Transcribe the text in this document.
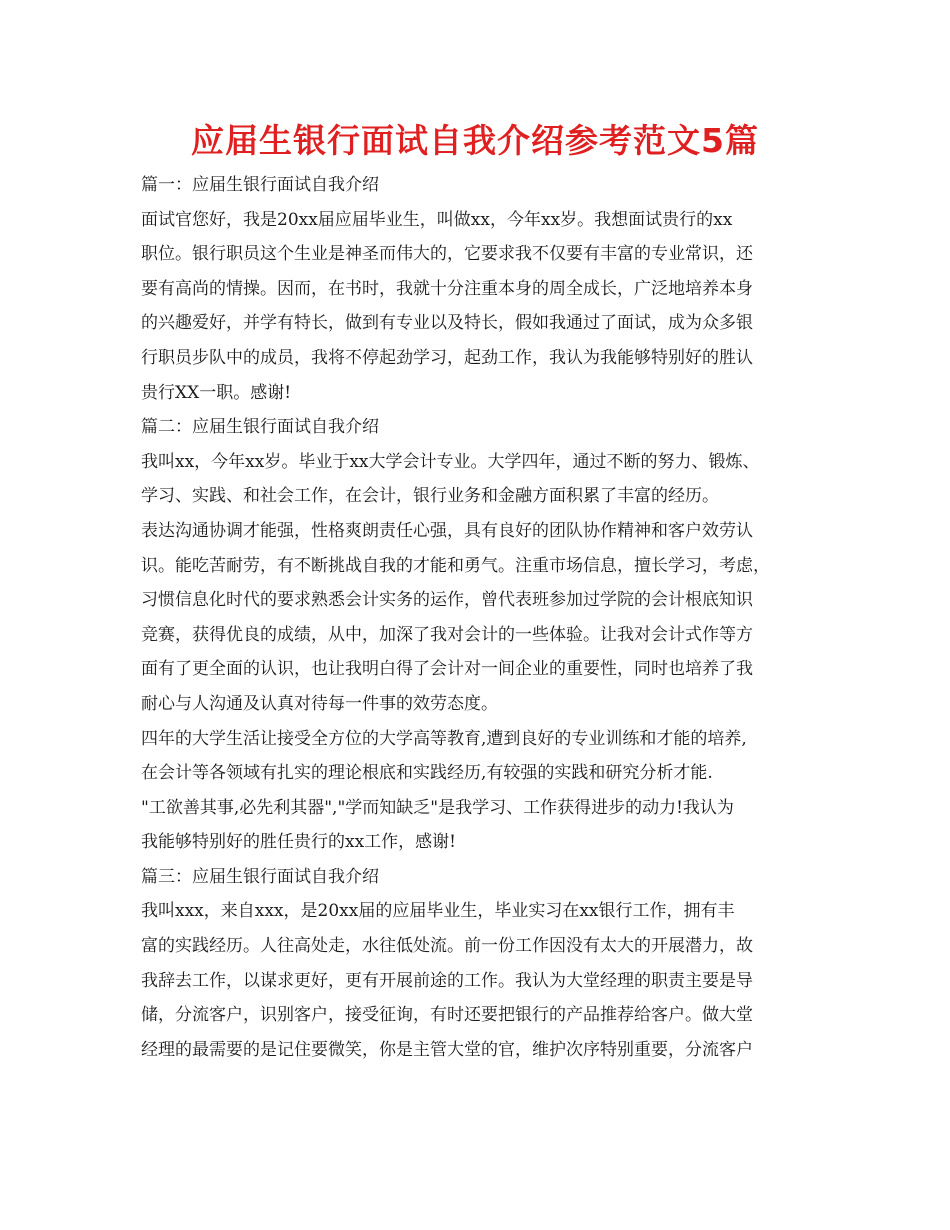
应届生银行面试自我介绍参考范文5篇
篇一：应届生银行面试自我介绍
面试官您好，我是20xx届应届毕业生，叫做xx，今年xx岁。我想面试贵行的xx
职位。银行职员这个生业是神圣而伟大的，它要求我不仅要有丰富的专业常识，还
要有高尚的情操。因而，在书时，我就十分注重本身的周全成长，广泛地培养本身
的兴趣爱好，并学有特长，做到有专业以及特长，假如我通过了面试，成为众多银
行职员步队中的成员，我将不停起劲学习，起劲工作，我认为我能够特别好的胜认
贵行XX一职。感谢!
篇二：应届生银行面试自我介绍
我叫xx，今年xx岁。毕业于xx大学会计专业。大学四年，通过不断的努力、锻炼、
学习、实践、和社会工作，在会计，银行业务和金融方面积累了丰富的经历。
表达沟通协调才能强，性格爽朗责任心强，具有良好的团队协作精神和客户效劳认
识。能吃苦耐劳，有不断挑战自我的才能和勇气。注重市场信息，擅长学习，考虑，
习惯信息化时代的要求熟悉会计实务的运作，曾代表班参加过学院的会计根底知识
竞赛，获得优良的成绩，从中，加深了我对会计的一些体验。让我对会计式作等方
面有了更全面的认识，也让我明白得了会计对一间企业的重要性，同时也培养了我
耐心与人沟通及认真对待每一件事的效劳态度。
四年的大学生活让接受全方位的大学高等教育,遭到良好的专业训练和才能的培养,
在会计等各领域有扎实的理论根底和实践经历,有较强的实践和研究分析才能.
"工欲善其事,必先利其器","学而知缺乏"是我学习、工作获得进步的动力!我认为
我能够特别好的胜任贵行的xx工作，感谢!
篇三：应届生银行面试自我介绍
我叫xxx，来自xxx，是20xx届的应届毕业生，毕业实习在xx银行工作，拥有丰
富的实践经历。人往高处走，水往低处流。前一份工作因没有太大的开展潜力，故
我辞去工作，以谋求更好，更有开展前途的工作。我认为大堂经理的职责主要是导
储，分流客户，识别客户，接受征询，有时还要把银行的产品推荐给客户。做大堂
经理的最需要的是记住要微笑，你是主管大堂的官，维护次序特别重要，分流客户
